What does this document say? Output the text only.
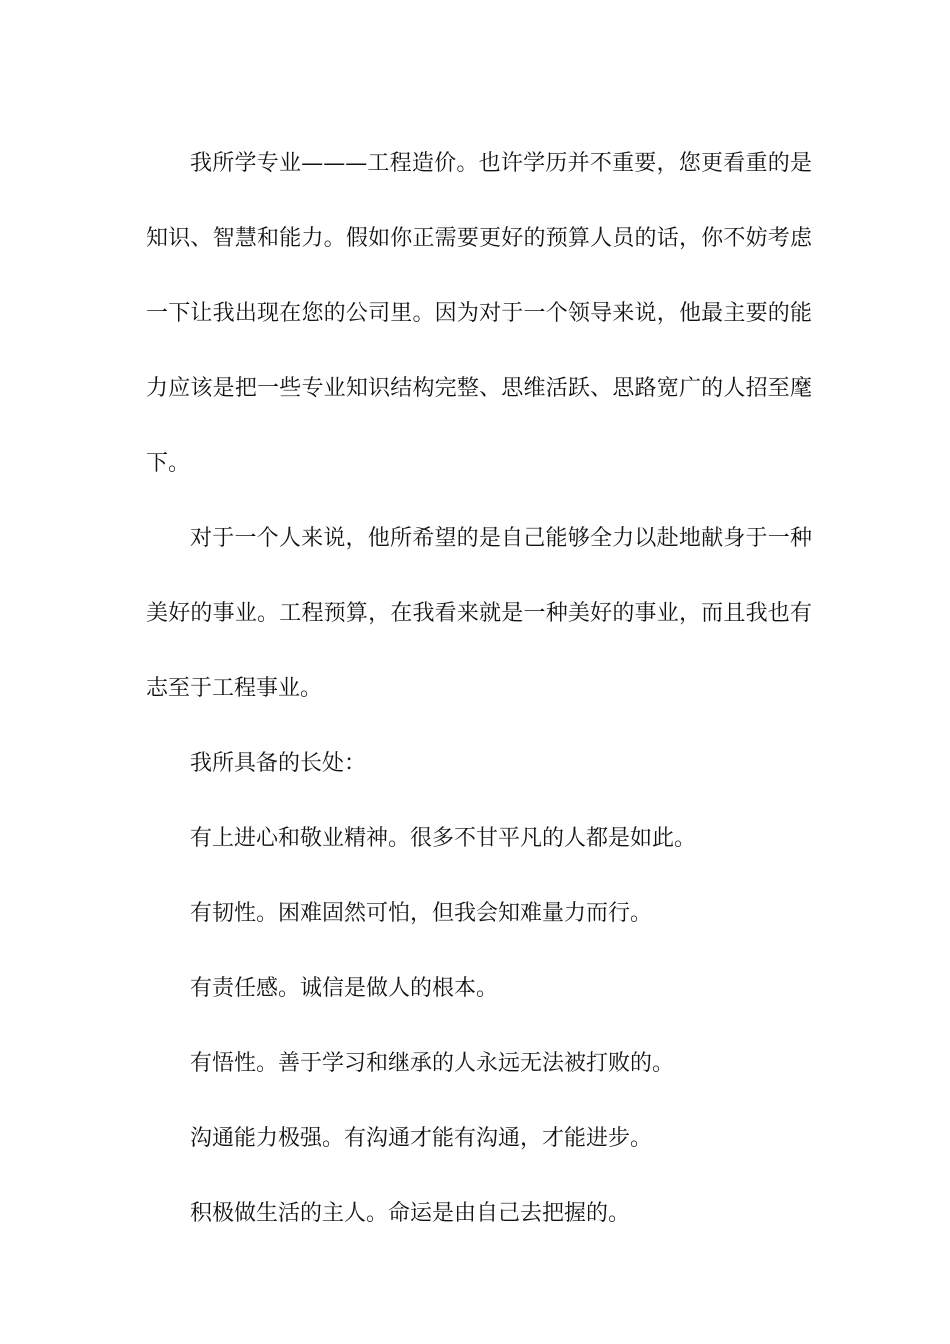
我所学专业———工程造价。也许学历并不重要，您更看重的是知识、智慧和能力。假如你正需要更好的预算人员的话，你不妨考虑一下让我出现在您的公司里。因为对于一个领导来说，他最主要的能力应该是把一些专业知识结构完整、思维活跃、思路宽广的人招至麾下。

对于一个人来说，他所希望的是自己能够全力以赴地献身于一种美好的事业。工程预算，在我看来就是一种美好的事业，而且我也有志至于工程事业。

我所具备的长处：

有上进心和敬业精神。很多不甘平凡的人都是如此。

有韧性。困难固然可怕，但我会知难量力而行。

有责任感。诚信是做人的根本。

有悟性。善于学习和继承的人永远无法被打败的。

沟通能力极强。有沟通才能有沟通，才能进步。

积极做生活的主人。命运是由自己去把握的。
